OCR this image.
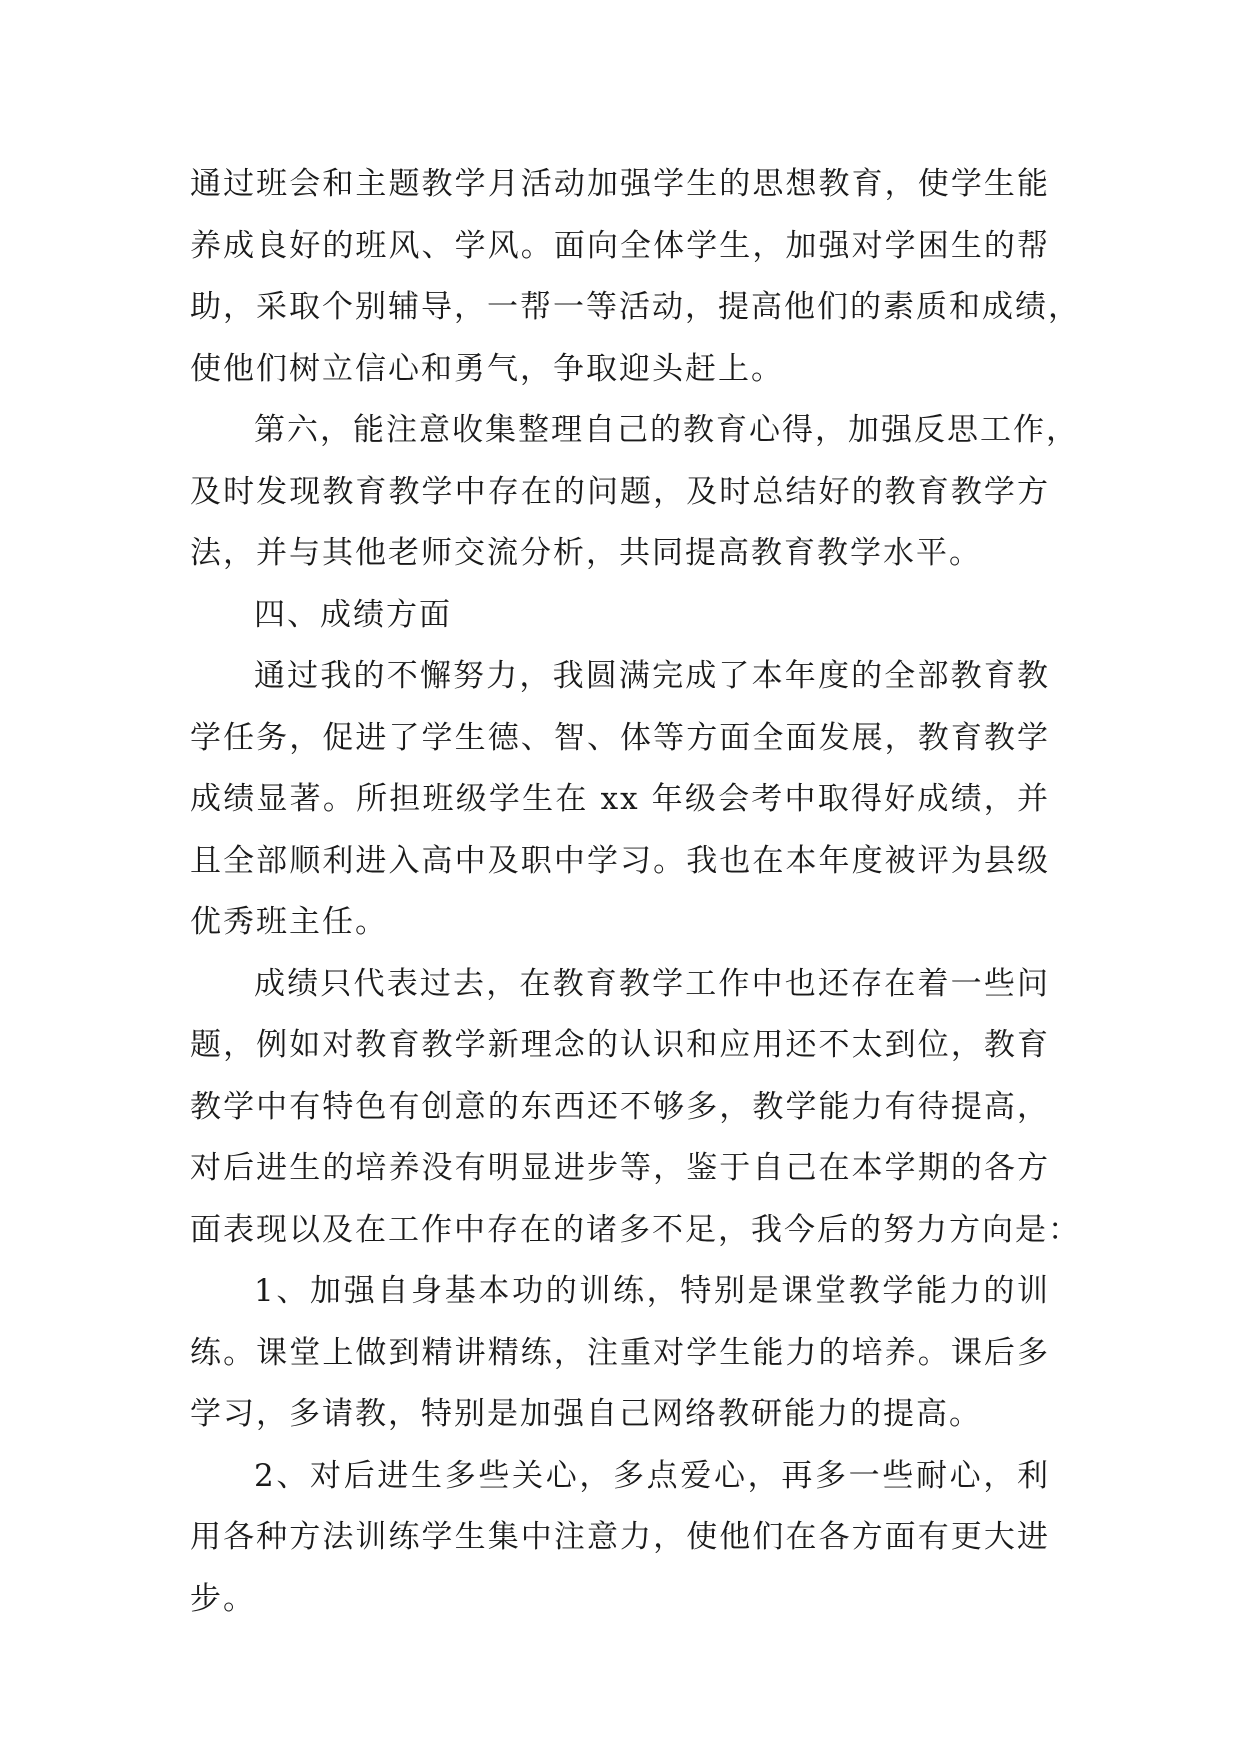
通过班会和主题教学月活动加强学生的思想教育，使学生能
养成良好的班风、学风。面向全体学生，加强对学困生的帮
助，采取个别辅导，一帮一等活动，提高他们的素质和成绩，
使他们树立信心和勇气，争取迎头赶上。
第六，能注意收集整理自己的教育心得，加强反思工作，
及时发现教育教学中存在的问题，及时总结好的教育教学方
法，并与其他老师交流分析，共同提高教育教学水平。
四、成绩方面
通过我的不懈努力，我圆满完成了本年度的全部教育教
学任务，促进了学生德、智、体等方面全面发展，教育教学
成绩显著。所担班级学生在 xx 年级会考中取得好成绩，并
且全部顺利进入高中及职中学习。我也在本年度被评为县级
优秀班主任。
成绩只代表过去，在教育教学工作中也还存在着一些问
题，例如对教育教学新理念的认识和应用还不太到位，教育
教学中有特色有创意的东西还不够多，教学能力有待提高，
对后进生的培养没有明显进步等，鉴于自己在本学期的各方
面表现以及在工作中存在的诸多不足，我今后的努力方向是：
1、加强自身基本功的训练，特别是课堂教学能力的训
练。课堂上做到精讲精练，注重对学生能力的培养。课后多
学习，多请教，特别是加强自己网络教研能力的提高。
2、对后进生多些关心，多点爱心，再多一些耐心，利
用各种方法训练学生集中注意力，使他们在各方面有更大进
步。
